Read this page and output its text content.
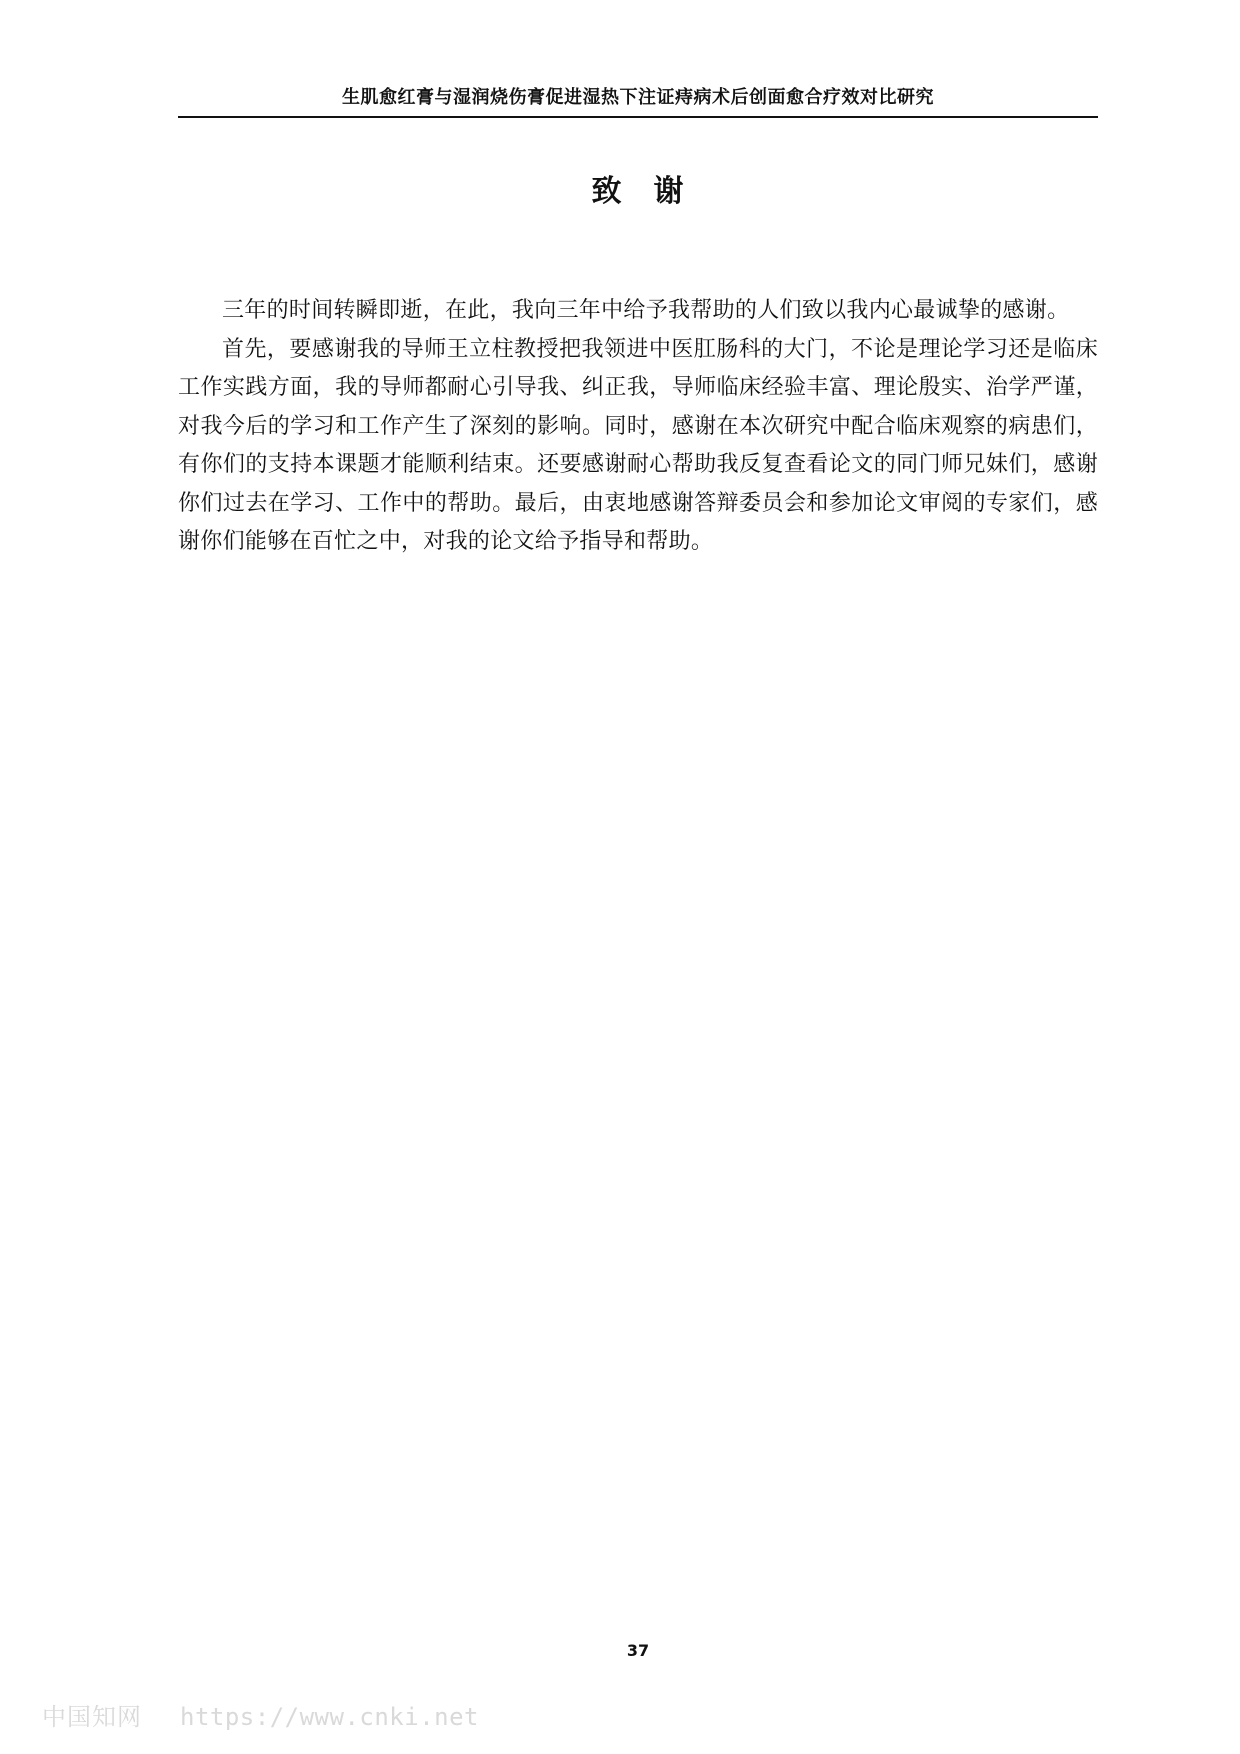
生肌愈红膏与湿润烧伤膏促进湿热下注证痔病术后创面愈合疗效对比研究
致　谢

三年的时间转瞬即逝，在此，我向三年中给予我帮助的人们致以我内心最诚挚的感谢。

首先，要感谢我的导师王立柱教授把我领进中医肛肠科的大门，不论是理论学习还是临床工作实践方面，我的导师都耐心引导我、纠正我，导师临床经验丰富、理论殷实、治学严谨，对我今后的学习和工作产生了深刻的影响。同时，感谢在本次研究中配合临床观察的病患们，有你们的支持本课题才能顺利结束。还要感谢耐心帮助我反复查看论文的同门师兄妹们，感谢你们过去在学习、工作中的帮助。最后，由衷地感谢答辩委员会和参加论文审阅的专家们，感谢你们能够在百忙之中，对我的论文给予指导和帮助。

37
中国知网 https://www.cnki.net
